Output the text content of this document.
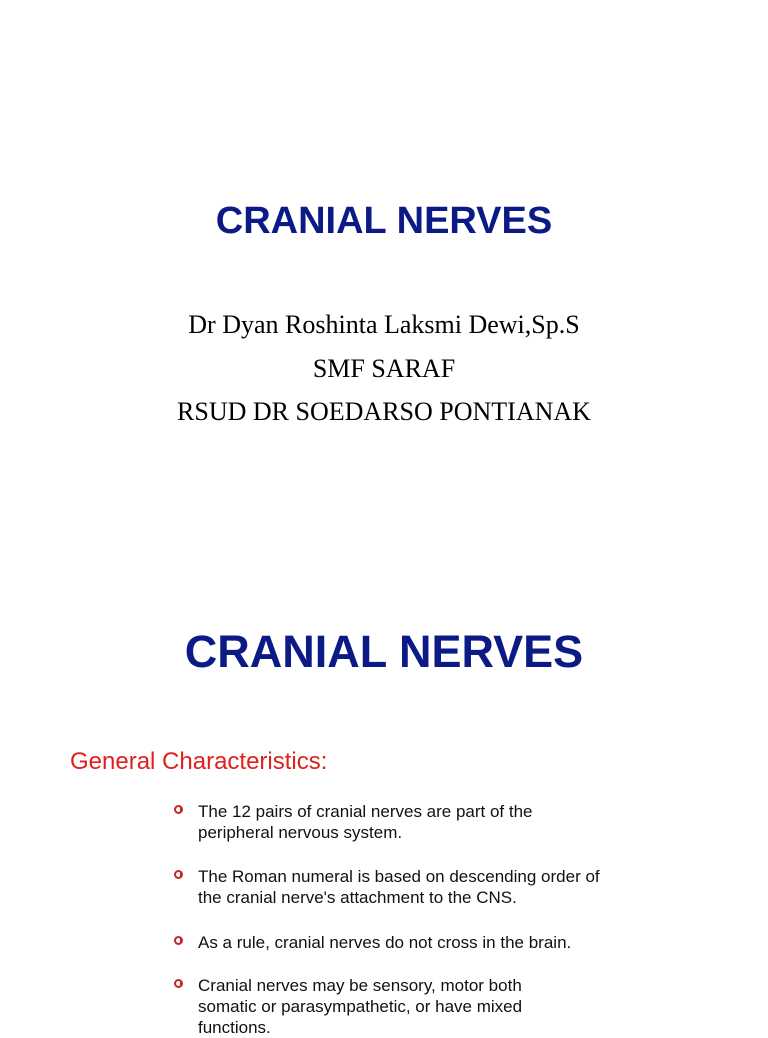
CRANIAL NERVES
Dr Dyan Roshinta Laksmi Dewi,Sp.S
SMF SARAF
RSUD DR SOEDARSO PONTIANAK
CRANIAL NERVES
General Characteristics:
The 12 pairs of cranial nerves are part of the peripheral nervous system.
The Roman numeral is based on descending order of the cranial nerve's attachment to the CNS.
As a rule, cranial nerves do not cross in the brain.
Cranial nerves may be sensory, motor both somatic or parasympathetic, or have mixed functions.
